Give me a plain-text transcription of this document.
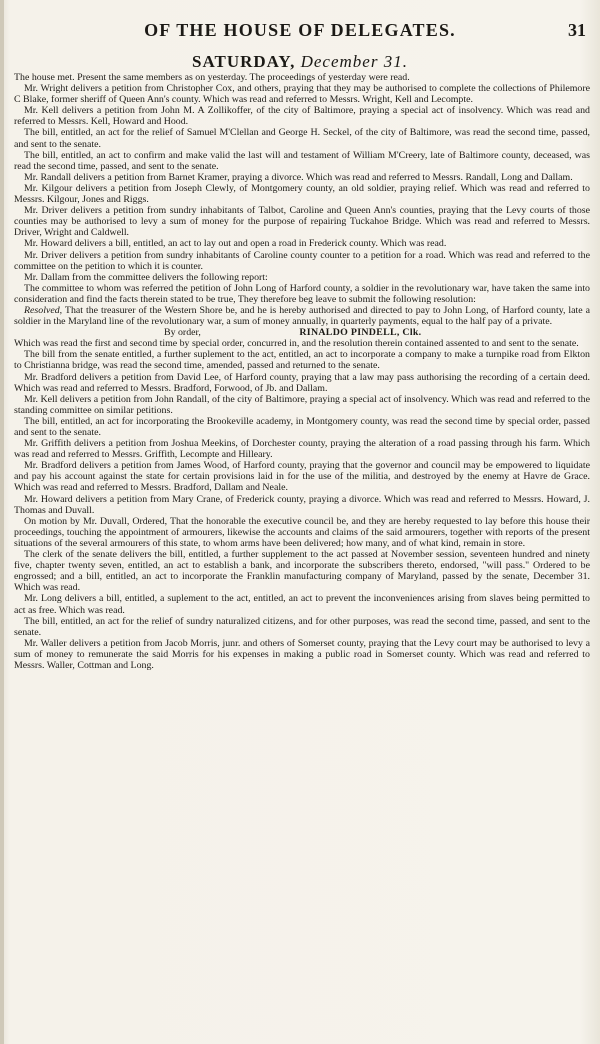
OF THE HOUSE OF DELEGATES.	31
SATURDAY, December 31.

The house met. Present the same members as on yesterday. The proceedings of yesterday were read.

Mr. Wright delivers a petition from Christopher Cox, and others, praying that they may be authorised to complete the collections of Philemore C Blake, former sheriff of Queen Ann's county. Which was read and referred to Messrs. Wright, Kell and Lecompte.

Mr. Kell delivers a petition from John M. A Zollikoffer, of the city of Baltimore, praying a special act of insolvency. Which was read and referred to Messrs. Kell, Howard and Hood.

The bill, entitled, an act for the relief of Samuel M'Clellan and George H. Seckel, of the city of Baltimore, was read the second time, passed, and sent to the senate.

The bill, entitled, an act to confirm and make valid the last will and testament of William M'Creery, late of Baltimore county, deceased, was read the second time, passed, and sent to the senate.

Mr. Randall delivers a petition from Barnet Kramer, praying a divorce. Which was read and referred to Messrs. Randall, Long and Dallam.

Mr. Kilgour delivers a petition from Joseph Clewly, of Montgomery county, an old soldier, praying relief. Which was read and referred to Messrs. Kilgour, Jones and Riggs.

Mr. Driver delivers a petition from sundry inhabitants of Talbot, Caroline and Queen Ann's counties, praying that the Levy courts of those counties may be authorised to levy a sum of money for the purpose of repairing Tuckahoe Bridge. Which was read and referred to Messrs. Driver, Wright and Caldwell.

Mr. Howard delivers a bill, entitled, an act to lay out and open a road in Frederick county. Which was read.

Mr. Driver delivers a petition from sundry inhabitants of Caroline county counter to a petition for a road. Which was read and referred to the committee on the petition to which it is counter.

Mr. Dallam from the committee delivers the following report:

The committee to whom was referred the petition of John Long of Harford county, a soldier in the revolutionary war, have taken the same into consideration and find the facts therein stated to be true, They therefore beg leave to submit the following resolution:

Resolved, That the treasurer of the Western Shore be, and he is hereby authorised and directed to pay to John Long, of Harford county, late a soldier in the Maryland line of the revolutionary war, a sum of money annually, in quarterly payments, equal to the half pay of a private.

By order,	RINALDO PINDELL, Clk.

Which was read the first and second time by special order, concurred in, and the resolution therein contained assented to and sent to the senate.

The bill from the senate entitled, a further suplement to the act, entitled, an act to incorporate a company to make a turnpike road from Elkton to Christianna bridge, was read the second time, amended, passed and returned to the senate.

Mr. Bradford delivers a petition from David Lee, of Harford county, praying that a law may pass authorising the recording of a certain deed. Which was read and referred to Messrs. Bradford, Forwood, of Jb. and Dallam.

Mr. Kell delivers a petition from John Randall, of the city of Baltimore, praying a special act of insolvency. Which was read and referred to the standing committee on similar petitions.

The bill, entitled, an act for incorporating the Brookeville academy, in Montgomery county, was read the second time by special order, passed and sent to the senate.

Mr. Griffith delivers a petition from Joshua Meekins, of Dorchester county, praying the alteration of a road passing through his farm. Which was read and referred to Messrs. Griffith, Lecompte and Hilleary.

Mr. Bradford delivers a petition from James Wood, of Harford county, praying that the governor and council may be empowered to liquidate and pay his account against the state for certain provisions laid in for the use of the militia, and destroyed by the enemy at Havre de Grace. Which was read and referred to Messrs. Bradford, Dallam and Neale.

Mr. Howard delivers a petition from Mary Crane, of Frederick county, praying a divorce. Which was read and referred to Messrs. Howard, J. Thomas and Duvall.

On motion by Mr. Duvall, Ordered, That the honorable the executive council be, and they are hereby requested to lay before this house their proceedings, touching the appointment of armourers, likewise the accounts and claims of the said armourers, together with reports of the present situations of the several armourers of this state, to whom arms have been delivered; how many, and of what kind, remain in store.

The clerk of the senate delivers the bill, entitled, a further supplement to the act passed at November session, seventeen hundred and ninety five, chapter twenty seven, entitled, an act to establish a bank, and incorporate the subscribers thereto, endorsed, "will pass." Ordered to be engrossed; and a bill, entitled, an act to incorporate the Franklin manufacturing company of Maryland, passed by the senate, December 31. Which was read.

Mr. Long delivers a bill, entitled, a suplement to the act, entitled, an act to prevent the inconveniences arising from slaves being permitted to act as free. Which was read.

The bill, entitled, an act for the relief of sundry naturalized citizens, and for other purposes, was read the second time, passed, and sent to the senate.

Mr. Waller delivers a petition from Jacob Morris, junr. and others of Somerset county, praying that the Levy court may be authorised to levy a sum of money to remunerate the said Morris for his expenses in making a public road in Somerset county. Which was read and referred to Messrs. Waller, Cottman and Long.
